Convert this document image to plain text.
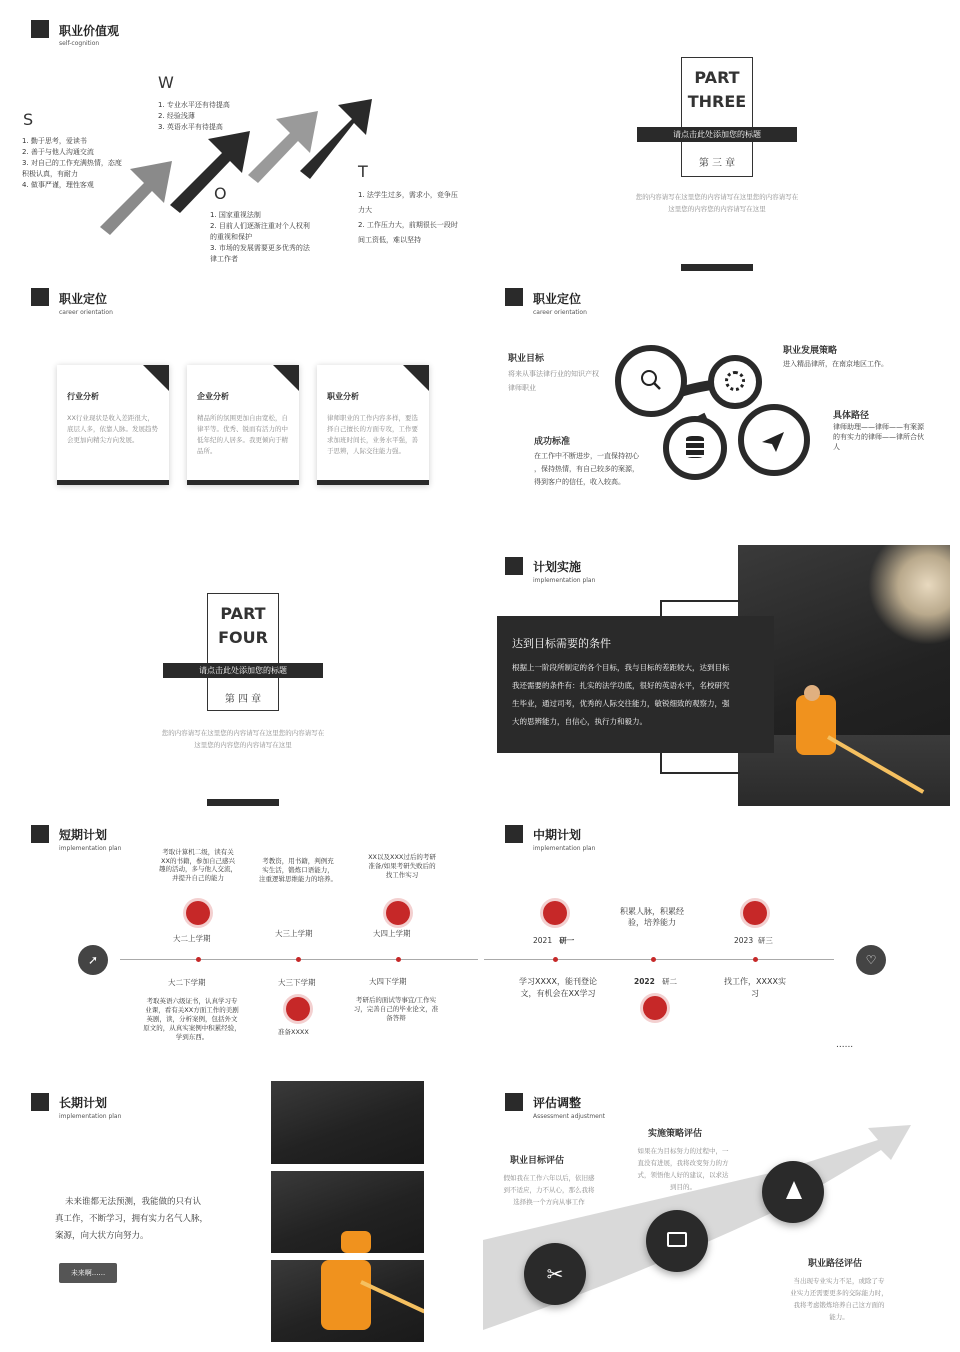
职业价值观
self-cognition
S
1. 勤于思考，爱读书
2. 善于与他人沟通交流
3. 对自己的工作充满热情，态度
积极认真，有耐力
4. 做事严谨，理性客观
W
1. 专业水平还有待提高
2. 经验浅薄
3. 英语水平有待提高
O
1. 国家重视法制
2. 目前人们逐渐注重对个人权利
的重视和保护
3. 市场的发展需要更多优秀的法
律工作者
T
1. 法学生过多，需求小，竞争压
力大
2. 工作压力大，前期很长一段时
间工资低，难以坚持
PART
THREE
请点击此处添加您的标题
第 三 章
您的内容请写在这里您的内容请写在这里您的内容请写在
这里您的内容您的内容请写在这里
职业定位
career orientation
行业分析
XX行业现状是收入差距很大，底层人多，依靠人脉。发展趋势会更加向精尖方向发展。
企业分析
精品所的氛围更加自由宽松，自律平等。优秀、锐而有活力的中低年纪的人居多。我更倾向于精品所。
职业分析
律师职业的工作内容多样，要选择自己擅长的方面专攻，工作要求加班时间长，业务水平强，善于思辨，人际交往能力强。
职业定位
career orientation
职业目标
将来从事法律行业的知识产权
律师职业
成功标准
在工作中不断进步，一直保持初心
，保持热情，有自己较多的案源，
得到客户的信任，收入较高。
职业发展策略
进入精品律所，在南京地区工作。
具体路径
律师助理——律师——有案源
的有实力的律师——律所合伙
人
PART
FOUR
请点击此处添加您的标题
第 四 章
您的内容请写在这里您的内容请写在这里您的内容请写在
这里您的内容您的内容请写在这里
计划实施
implementation plan
达到目标需要的条件
根据上一阶段所制定的各个目标，我与目标的差距较大，达到目标
我还需要的条件有：扎实的法学功底，很好的英语水平，名校研究
生毕业，通过司考，优秀的人际交往能力，敏锐细致的观察力，强
大的思辨能力，自信心，执行力和毅力。
短期计划
implementation plan	考取计算机二级，读有关
XX的书籍，参加自己感兴
趣的活动，多与他人交流，
并提升自己的能力
考教资，用书籍，判例充
实生活，锻炼口语能力，
注重逻辑思维能力的培养。
XX以及XXX过后的考研
准备/如果考研失败后的
找工作实习
大二上学期
大三上学期	大四上学期
➚
大二下学期	大三下学期	大四下学期
考取英语六级证书，认真学习专
业课，看有关XX方面工作的美剧
英剧，读，分析案例，包括外文
原文的，从真实案例中积累经验，
学到东西。
准备XXXX
考研后的面试等事宜/工作实
习，完善自己的毕业论文，准
备答辩
中期计划
implementation plan
积累人脉，积累经
验，培养能力
2021 研一	2023 研三
♡
学习XXXX，能刊登论
文，有机会在XX学习
2022 研二	找工作，XXXX实
习
......
长期计划
implementation plan
未来谁都无法预测，我能做的只有认
真工作，不断学习，拥有实力名气人脉，
案源，向大状方向努力。
未来啊......
评估调整
Assessment adjustment
职业目标评估
假如我在工作六年以后，依旧感
到不适应，力不从心，那么我将
选择换一个方向从事工作
实施策略评估
如果在为目标努力的过程中，一
直没有进展，我将改变努力的方
式，领悟他人好的建议，以求达
到目的。
职业路径评估
当出现专业实力不足，或除了专
业实力还需要更多的交际能力时，
我将考虑锻炼培养自己这方面的
能力。
✂
